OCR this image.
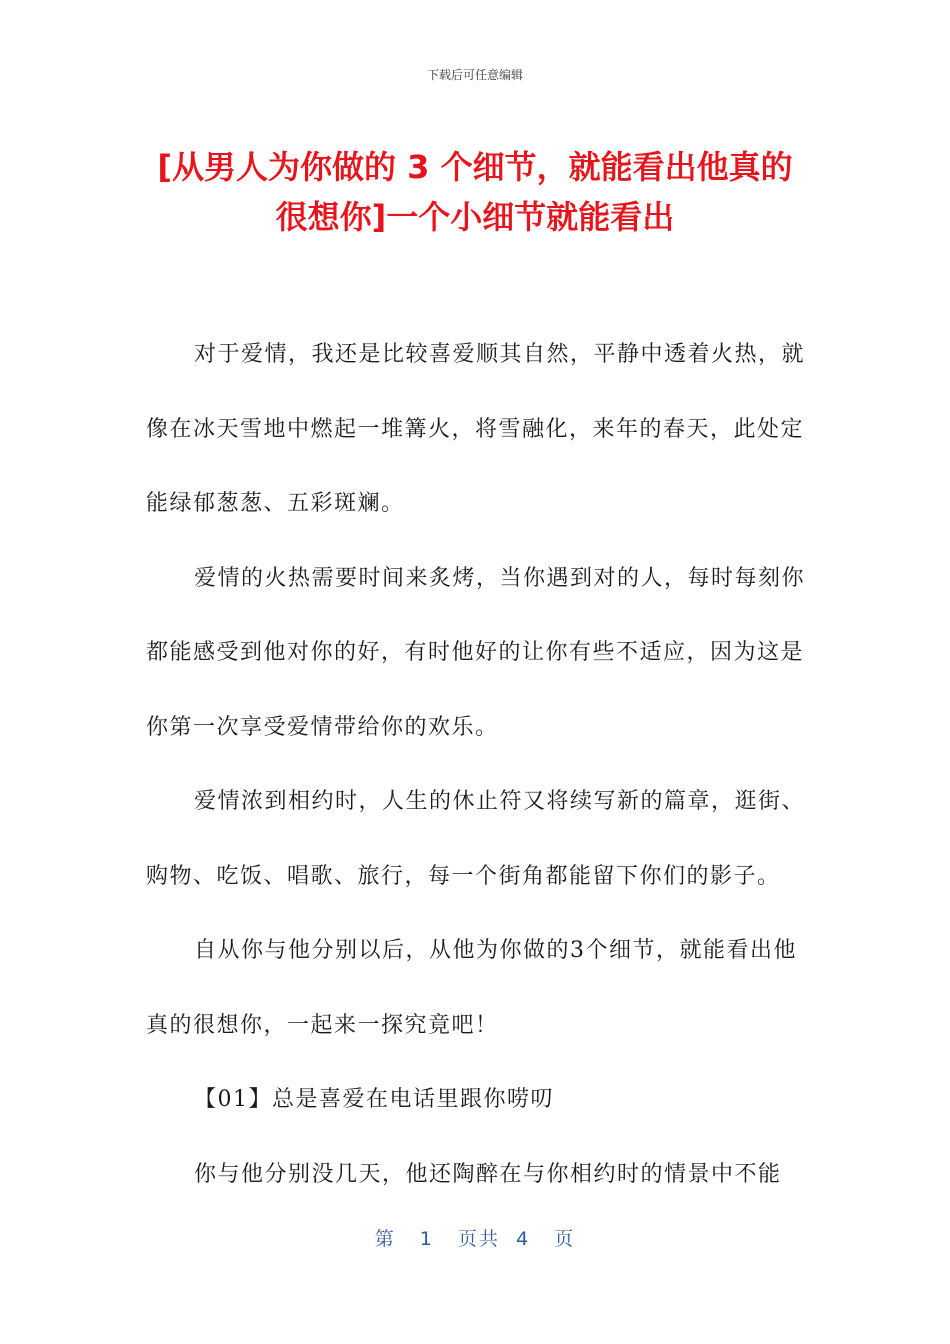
下载后可任意编辑
[从男人为你做的 3 个细节，就能看出他真的
很想你]一个小细节就能看出

对于爱情，我还是比较喜爱顺其自然，平静中透着火热，就像在冰天雪地中燃起一堆篝火，将雪融化，来年的春天，此处定能绿郁葱葱、五彩斑斓。

爱情的火热需要时间来炙烤，当你遇到对的人，每时每刻你都能感受到他对你的好，有时他好的让你有些不适应，因为这是你第一次享受爱情带给你的欢乐。

爱情浓到相约时，人生的休止符又将续写新的篇章，逛街、购物、吃饭、唱歌、旅行，每一个街角都能留下你们的影子。

自从你与他分别以后，从他为你做的3个细节，就能看出他真的很想你，一起来一探究竟吧！

【01】总是喜爱在电话里跟你唠叨

你与他分别没几天，他还陶醉在与你相约时的情景中不能

第   1   页共  4   页
